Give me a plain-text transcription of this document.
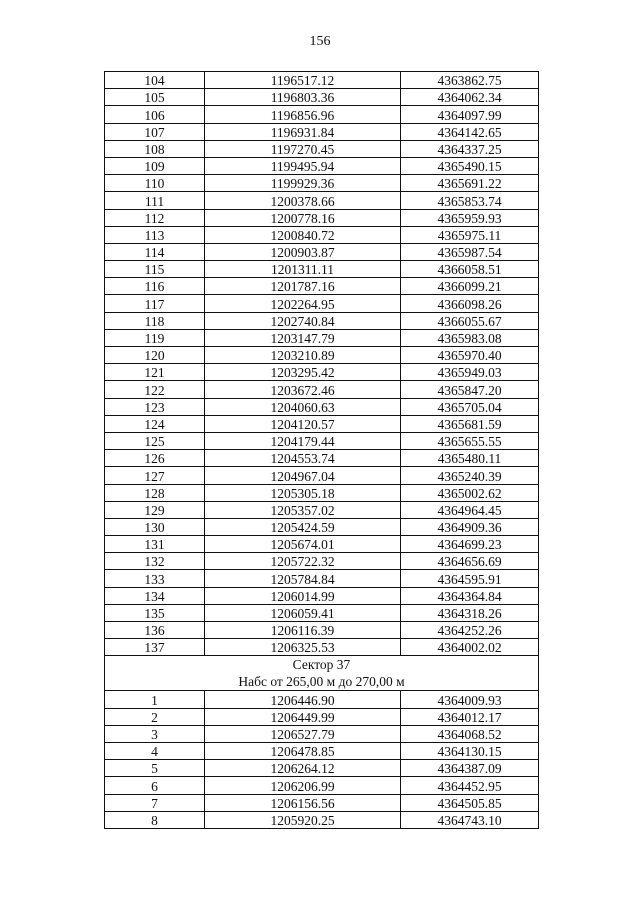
156
104	1196517.12	4363862.75
105	1196803.36	4364062.34
106	1196856.96	4364097.99
107	1196931.84	4364142.65
108	1197270.45	4364337.25
109	1199495.94	4365490.15
110	1199929.36	4365691.22
111	1200378.66	4365853.74
112	1200778.16	4365959.93
113	1200840.72	4365975.11
114	1200903.87	4365987.54
115	1201311.11	4366058.51
116	1201787.16	4366099.21
117	1202264.95	4366098.26
118	1202740.84	4366055.67
119	1203147.79	4365983.08
120	1203210.89	4365970.40
121	1203295.42	4365949.03
122	1203672.46	4365847.20
123	1204060.63	4365705.04
124	1204120.57	4365681.59
125	1204179.44	4365655.55
126	1204553.74	4365480.11
127	1204967.04	4365240.39
128	1205305.18	4365002.62
129	1205357.02	4364964.45
130	1205424.59	4364909.36
131	1205674.01	4364699.23
132	1205722.32	4364656.69
133	1205784.84	4364595.91
134	1206014.99	4364364.84
135	1206059.41	4364318.26
136	1206116.39	4364252.26
137	1206325.53	4364002.02

Сектор 37
Набс от 265,00 м до 270,00 м		

1	1206446.90	4364009.93
2	1206449.99	4364012.17
3	1206527.79	4364068.52
4	1206478.85	4364130.15
5	1206264.12	4364387.09
6	1206206.99	4364452.95
7	1206156.56	4364505.85
8	1205920.25	4364743.10
